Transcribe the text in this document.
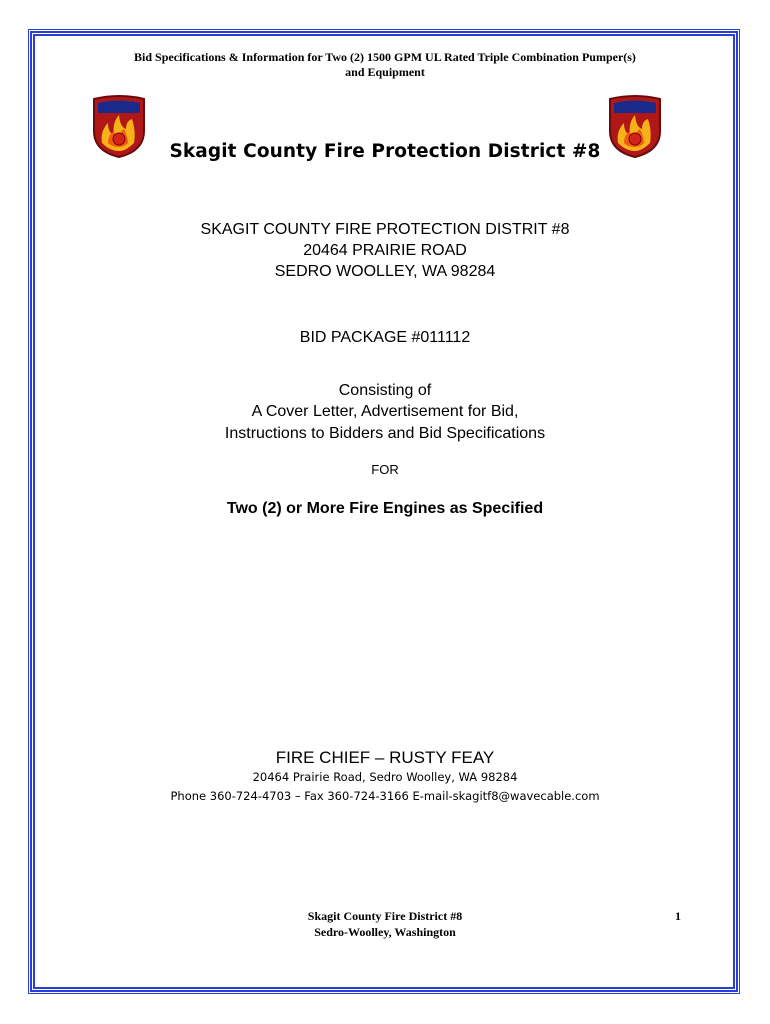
Bid Specifications & Information for Two (2) 1500 GPM UL Rated Triple Combination Pumper(s)
and Equipment
Skagit County Fire Protection District #8
SKAGIT COUNTY FIRE PROTECTION DISTRIT #8
20464 PRAIRIE ROAD
SEDRO WOOLLEY, WA 98284
BID PACKAGE #011112
Consisting of
A Cover Letter, Advertisement for Bid,
Instructions to Bidders and Bid Specifications
FOR
Two (2) or More Fire Engines as Specified
FIRE CHIEF – RUSTY FEAY
20464 Prairie Road, Sedro Woolley, WA 98284
Phone 360-724-4703 – Fax 360-724-3166 E-mail-skagitf8@wavecable.com
Skagit County Fire District #8
Sedro-Woolley, Washington
1
